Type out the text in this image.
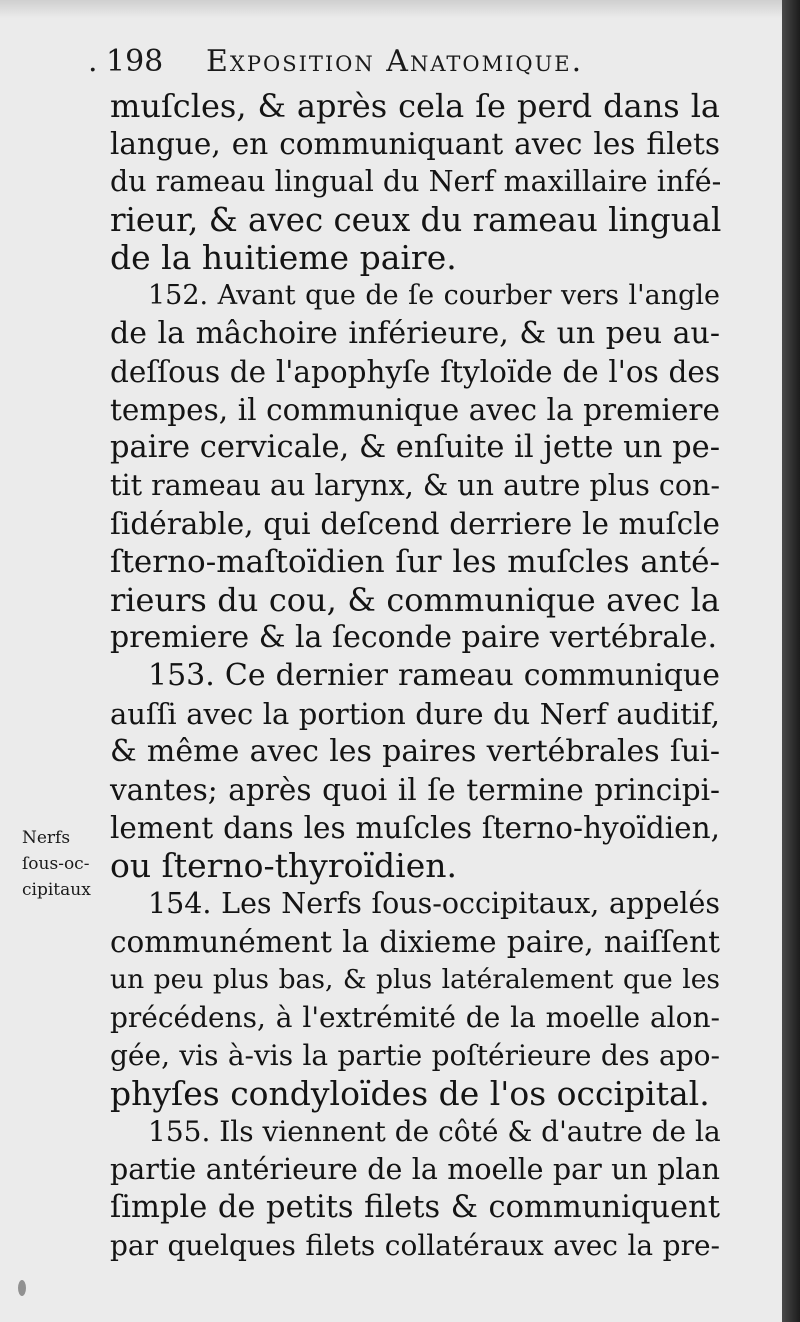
. 198 Exposition Anatomique.
muſcles, & après cela ſe perd dans la
langue, en communiquant avec les filets
du rameau lingual du Nerf maxillaire infé-
rieur, & avec ceux du rameau lingual
de la huitieme paire.
152. Avant que de ſe courber vers l'angle
de la mâchoire inférieure, & un peu au-
deſſous de l'apophyſe ſtyloïde de l'os des
tempes, il communique avec la premiere
paire cervicale, & enſuite il jette un pe-
tit rameau au larynx, & un autre plus con-
ſidérable, qui deſcend derriere le muſcle
ſterno-maſtoïdien ſur les muſcles anté-
rieurs du cou, & communique avec la
premiere & la ſeconde paire vertébrale.
153. Ce dernier rameau communique
auſſi avec la portion dure du Nerf auditif,
& même avec les paires vertébrales ſui-
vantes; après quoi il ſe termine principi-
lement dans les muſcles ſterno-hyoïdien,
ou ſterno-thyroïdien.
Nerfs
ſous-oc-
cipitaux	154. Les Nerfs ſous-occipitaux, appelés
communément la dixieme paire, naiſſent
un peu plus bas, & plus latéralement que les
précédens, à l'extrémité de la moelle alon-
gée, vis à-vis la partie poſtérieure des apo-
phyſes condyloïdes de l'os occipital.
155. Ils viennent de côté & d'autre de la
partie antérieure de la moelle par un plan
ſimple de petits filets & communiquent
par quelques filets collatéraux avec la pre-
